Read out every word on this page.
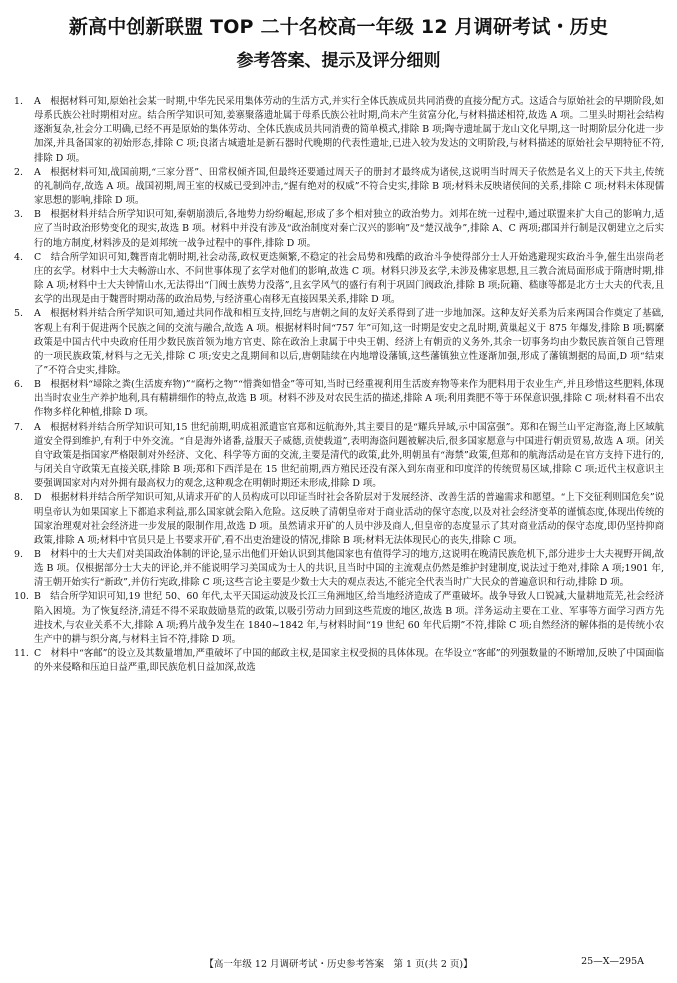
新高中创新联盟 TOP 二十名校高一年级 12 月调研考试・历史
参考答案、提示及评分细则

1. A　根据材料可知,原始社会某一时期,中华先民采用集体劳动的生活方式,并实行全体氏族成员共同消费的直接分配方式。这适合与原始社会的早期阶段,如母系氏族公社时期相对应。结合所学知识可知,姜寨聚落遗址属于母系氏族公社时期,尚未产生贫富分化,与材料描述相符,故选 A 项。二里头时期社会结构逐渐复杂,社会分工明确,已经不再是原始的集体劳动、全体氏族成员共同消费的简单模式,排除 B 项;陶寺遗址属于龙山文化早期,这一时期阶层分化进一步加深,并具备国家的初始形态,排除 C 项;良渚古城遗址是新石器时代晚期的代表性遗址,已进入较为发达的文明阶段,与材料描述的原始社会早期特征不符,排除 D 项。

2. A　根据材料可知,战国前期,“三家分晋”、田常权倾齐国,但最终还要通过周天子的册封才最终成为诸侯,这说明当时周天子依然是名义上的天下共主,传统的礼制尚存,故选 A 项。战国初期,周王室的权威已受到冲击,“握有绝对的权威”不符合史实,排除 B 项;材料未反映诸侯间的关系,排除 C 项;材料未体现儒家思想的影响,排除 D 项。

3. B　根据材料并结合所学知识可知,秦朝崩溃后,各地势力纷纷崛起,形成了多个相对独立的政治势力。刘邦在统一过程中,通过联盟来扩大自己的影响力,适应了当时政治形势变化的现实,故选 B 项。材料中并没有涉及“政治制度对秦亡汉兴的影响”及“楚汉战争”,排除 A、C 两项;郡国并行制是汉朝建立之后实行的地方制度,材料涉及的是刘邦统一战争过程中的事件,排除 D 项。

4. C　结合所学知识可知,魏晋南北朝时期,社会动荡,政权更迭频繁,不稳定的社会局势和残酷的政治斗争使得部分士人开始逃避现实政治斗争,催生出崇尚老庄的玄学。材料中士大夫畅游山水、不问世事体现了玄学对他们的影响,故选 C 项。材料只涉及玄学,未涉及佛家思想,且三教合流局面形成于隋唐时期,排除 A 项;材料中士大夫钟情山水,无法得出“门阀士族势力没落”,且玄学风气的盛行有利于巩固门阀政治,排除 B 项;阮籍、嵇康等都是北方士大夫的代表,且玄学的出现是由于魏晋时期动荡的政治局势,与经济重心南移无直接因果关系,排除 D 项。

5. A　根据材料并结合所学知识可知,通过共同作战和相互支持,回纥与唐朝之间的友好关系得到了进一步地加深。这种友好关系为后来两国合作奠定了基础,客观上有利于促进两个民族之间的交流与融合,故选 A 项。根据材料时间“757 年”可知,这一时期是安史之乱时期,黄巢起义于 875 年爆发,排除 B 项;羁縻政策是中国古代中央政府任用少数民族首领为地方官吏、除在政治上隶属于中央王朝、经济上有朝贡的义务外,其余一切事务均由少数民族首领自己管理的一项民族政策,材料与之无关,排除 C 项;安史之乱期间和以后,唐朝陆续在内地增设藩镇,这些藩镇独立性逐渐加强,形成了藩镇割据的局面,D 项“结束了”不符合史实,排除。

6. B　根据材料“埽除之粪(生活废弃物)”“腐朽之物”“惜粪如惜金”等可知,当时已经重视利用生活废弃物等来作为肥料用于农业生产,并且珍惜这些肥料,体现出当时农业生产养护地利,具有精耕细作的特点,故选 B 项。材料不涉及对农民生活的描述,排除 A 项;利用粪肥不等于环保意识强,排除 C 项;材料看不出农作物多样化种植,排除 D 项。

7. A　根据材料并结合所学知识可知,15 世纪前期,明成祖派遣宦官郑和远航海外,其主要目的是“耀兵异域,示中国富强”。郑和在锡兰山平定海盗,海上区域航道安全得到维护,有利于中外交流。“自是海外诸番,益服天子威德,贡使载道”,表明海盗问题被解决后,很多国家愿意与中国进行朝贡贸易,故选 A 项。闭关自守政策是指国家严格限制对外经济、文化、科学等方面的交流,主要是清代的政策,此外,明朝虽有“海禁”政策,但郑和的航海活动是在官方支持下进行的,与闭关自守政策无直接关联,排除 B 项;郑和下西洋是在 15 世纪前期,西方殖民还没有深入到东南亚和印度洋的传统贸易区域,排除 C 项;近代主权意识主要强调国家对内对外拥有最高权力的观念,这种观念在明朝时期还未形成,排除 D 项。

8. D　根据材料并结合所学知识可知,从请求开矿的人员构成可以印证当时社会各阶层对于发展经济、改善生活的普遍需求和愿望。“上下交征利则国危矣”说明皇帝认为如果国家上下都追求利益,那么国家就会陷入危险。这反映了清朝皇帝对于商业活动的保守态度,以及对社会经济变革的谨慎态度,体现出传统的国家治理观对社会经济进一步发展的限制作用,故选 D 项。虽然请求开矿的人员中涉及商人,但皇帝的态度显示了其对商业活动的保守态度,即仍坚持抑商政策,排除 A 项;材料中官员只是上书要求开矿,看不出吏治建设的情况,排除 B 项;材料无法体现民心的丧失,排除 C 项。

9. B　材料中的士大夫们对美国政治体制的评论,显示出他们开始认识到其他国家也有值得学习的地方,这说明在晚清民族危机下,部分进步士大夫视野开阔,故选 B 项。仅根据部分士大夫的评论,并不能说明学习美国成为士人的共识,且当时中国的主流观点仍然是维护封建制度,说法过于绝对,排除 A 项;1901 年,清王朝开始实行“新政”,并仿行宪政,排除 C 项;这些言论主要是少数士大夫的观点表达,不能完全代表当时广大民众的普遍意识和行动,排除 D 项。

10. B　结合所学知识可知,19 世纪 50、60 年代,太平天国运动波及长江三角洲地区,给当地经济造成了严重破坏。战争导致人口锐减,大量耕地荒芜,社会经济陷入困境。为了恢复经济,清廷不得不采取鼓励垦荒的政策,以吸引劳动力回到这些荒废的地区,故选 B 项。洋务运动主要在工业、军事等方面学习西方先进技术,与农业关系不大,排除 A 项;鸦片战争发生在 1840~1842 年,与材料时间“19 世纪 60 年代后期”不符,排除 C 项;自然经济的解体指的是传统小农生产中的耕与织分离,与材料主旨不符,排除 D 项。

11. C　材料中“客邮”的设立及其数量增加,严重破坏了中国的邮政主权,是国家主权受损的具体体现。在华设立“客邮”的列强数量的不断增加,反映了中国面临的外来侵略和压迫日益严重,即民族危机日益加深,故选

【高一年级 12 月调研考试・历史参考答案　第 1 页(共 2 页)】	25—X—295A
